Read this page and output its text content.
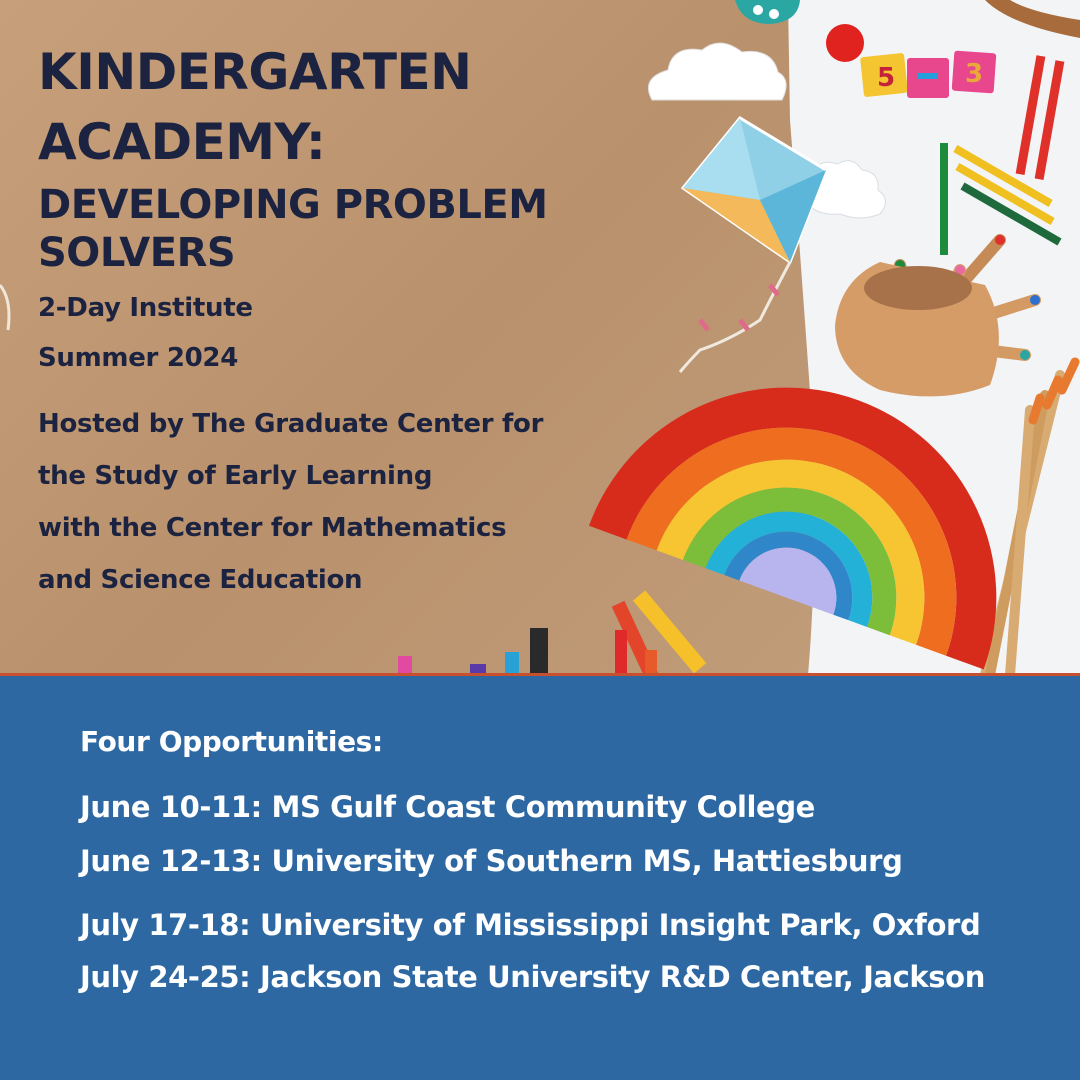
5	3
KINDERGARTEN
ACADEMY:
DEVELOPING PROBLEM
SOLVERS
2-Day Institute
Summer 2024
Hosted by The Graduate Center for
the Study of Early Learning
with the Center for Mathematics
and Science Education
Four Opportunities:
June 10-11: MS Gulf Coast Community College
June 12-13: University of Southern MS, Hattiesburg
July 17-18: University of Mississippi Insight Park, Oxford
July 24-25: Jackson State University R&D Center, Jackson
